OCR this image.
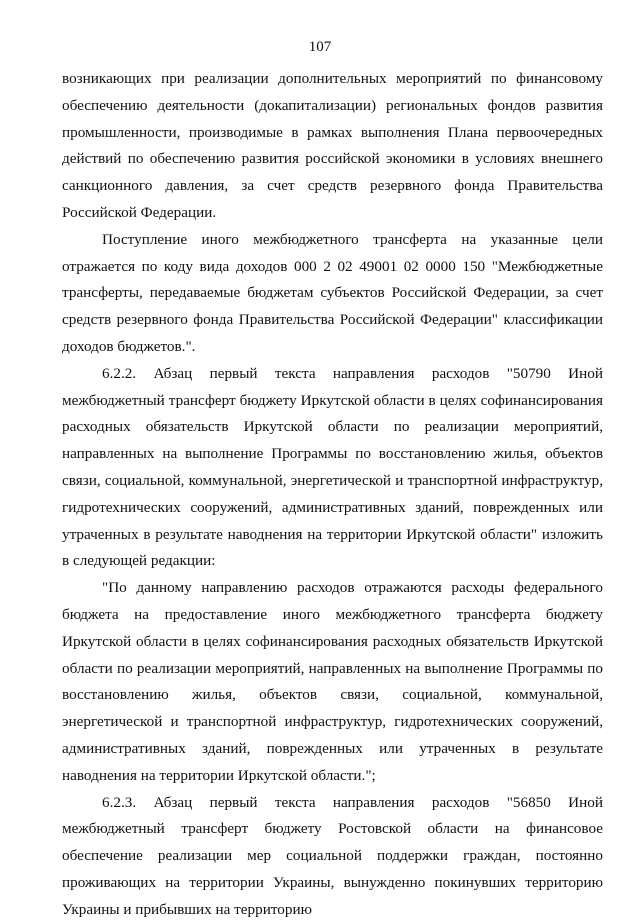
107

возникающих при реализации дополнительных мероприятий по финансовому обеспечению деятельности (докапитализации) региональных фондов развития промышленности, производимые в рамках выполнения Плана первоочередных действий по обеспечению развития российской экономики в условиях внешнего санкционного давления, за счет средств резервного фонда Правительства Российской Федерации.

Поступление иного межбюджетного трансферта на указанные цели отражается по коду вида доходов 000 2 02 49001 02 0000 150 "Межбюджетные трансферты, передаваемые бюджетам субъектов Российской Федерации, за счет средств резервного фонда Правительства Российской Федерации" классификации доходов бюджетов.".

6.2.2. Абзац первый текста направления расходов "50790 Иной межбюджетный трансферт бюджету Иркутской области в целях софинансирования расходных обязательств Иркутской области по реализации мероприятий, направленных на выполнение Программы по восстановлению жилья, объектов связи, социальной, коммунальной, энергетической и транспортной инфраструктур, гидротехнических сооружений, административных зданий, поврежденных или утраченных в результате наводнения на территории Иркутской области" изложить в следующей редакции:

"По данному направлению расходов отражаются расходы федерального бюджета на предоставление иного межбюджетного трансферта бюджету Иркутской области в целях софинансирования расходных обязательств Иркутской области по реализации мероприятий, направленных на выполнение Программы по восстановлению жилья, объектов связи, социальной, коммунальной, энергетической и транспортной инфраструктур, гидротехнических сооружений, административных зданий, поврежденных или утраченных в результате наводнения на территории Иркутской области.";

6.2.3. Абзац первый текста направления расходов "56850 Иной межбюджетный трансферт бюджету Ростовской области на финансовое обеспечение реализации мер социальной поддержки граждан, постоянно проживающих на территории Украины, вынужденно покинувших территорию Украины и прибывших на территорию
